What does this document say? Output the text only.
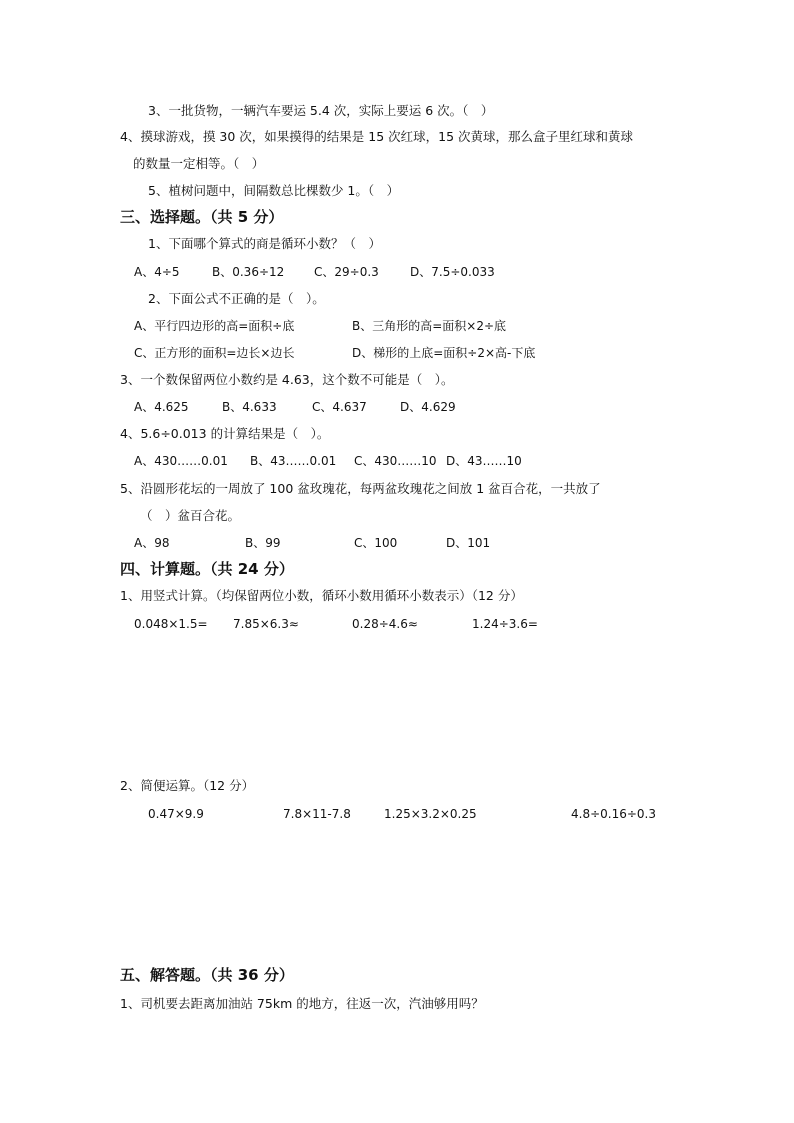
3、一批货物，一辆汽车要运 5.4 次，实际上要运 6 次。（　）
4、摸球游戏，摸 30 次，如果摸得的结果是 15 次红球，15 次黄球，那么盒子里红球和黄球
的数量一定相等。（　）
5、植树问题中，间隔数总比棵数少 1。（　）
三、选择题。（共 5 分）
1、下面哪个算式的商是循环小数？（　）
A、4÷5	B、0.36÷12 C、29÷0.3	D、7.5÷0.033
2、下面公式不正确的是（　）。
A、平行四边形的高=面积÷底	B、三角形的高=面积×2÷底
C、正方形的面积=边长×边长	D、梯形的上底=面积÷2×高-下底
3、一个数保留两位小数约是 4.63，这个数不可能是（　）。
A、4.625	B、4.633	C、4.637	D、4.629
4、5.6÷0.013 的计算结果是（　）。
A、430……0.01 B、43……0.01 C、430……10 D、43……10
5、沿圆形花坛的一周放了 100 盆玫瑰花，每两盆玫瑰花之间放 1 盆百合花，一共放了
（　）盆百合花。
A、98	B、99	C、100	D、101
四、计算题。（共 24 分）
1、用竖式计算。（均保留两位小数，循环小数用循环小数表示）（12 分）
0.048×1.5= 7.85×6.3≈	0.28÷4.6≈	1.24÷3.6=
2、简便运算。（12 分）
0.47×9.9	7.8×11-7.8	1.25×3.2×0.25	4.8÷0.16÷0.3
五、解答题。（共 36 分）
1、司机要去距离加油站 75km 的地方，往返一次，汽油够用吗？
